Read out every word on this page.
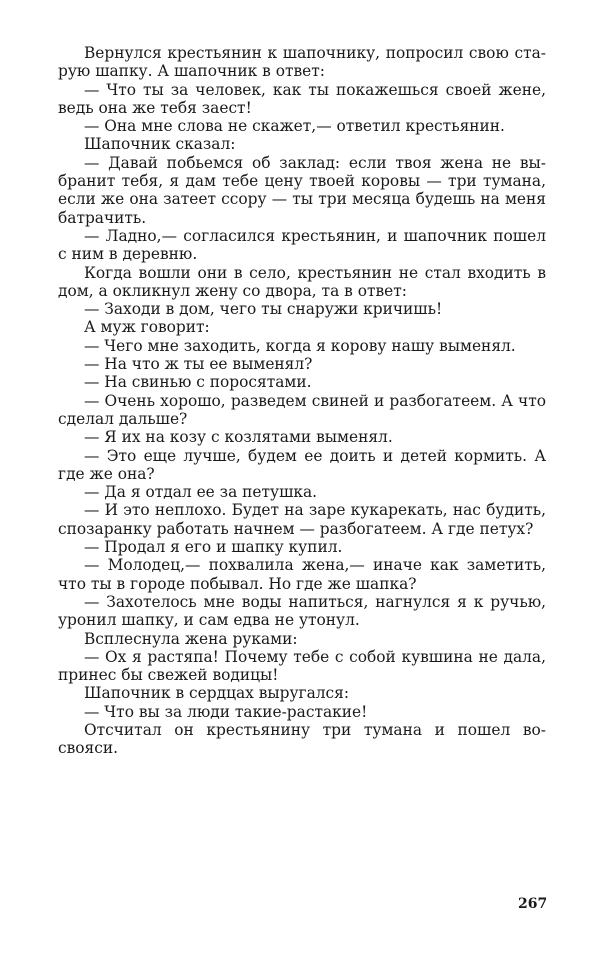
Вернулся крестьянин к шапочнику, попросил свою старую шапку. А шапочник в ответ:

— Что ты за человек, как ты покажешься своей жене, ведь она же тебя заест!

— Она мне слова не скажет,— ответил крестьянин.

Шапочник сказал:

— Давай побьемся об заклад: если твоя жена не выбранит тебя, я дам тебе цену твоей коровы — три тумана, если же она затеет ссору — ты три месяца будешь на меня батрачить.

— Ладно,— согласился крестьянин, и шапочник пошел с ним в деревню.

Когда вошли они в село, крестьянин не стал входить в дом, а окликнул жену со двора, та в ответ:

— Заходи в дом, чего ты снаружи кричишь!

А муж говорит:

— Чего мне заходить, когда я корову нашу выменял.

— На что ж ты ее выменял?

— На свинью с поросятами.

— Очень хорошо, разведем свиней и разбогатеем. А что сделал дальше?

— Я их на козу с козлятами выменял.

— Это еще лучше, будем ее доить и детей кормить. А где же она?

— Да я отдал ее за петушка.

— И это неплохо. Будет на заре кукарекать, нас будить, спозаранку работать начнем — разбогатеем. А где петух?

— Продал я его и шапку купил.

— Молодец,— похвалила жена,— иначе как заметить, что ты в городе побывал. Но где же шапка?

— Захотелось мне воды напиться, нагнулся я к ручью, уронил шапку, и сам едва не утонул.

Всплеснула жена руками:

— Ох я растяпа! Почему тебе с собой кувшина не дала, принес бы свежей водицы!

Шапочник в сердцах выругался:

— Что вы за люди такие-растакие!

Отсчитал он крестьянину три тумана и пошел восвояси.

267
